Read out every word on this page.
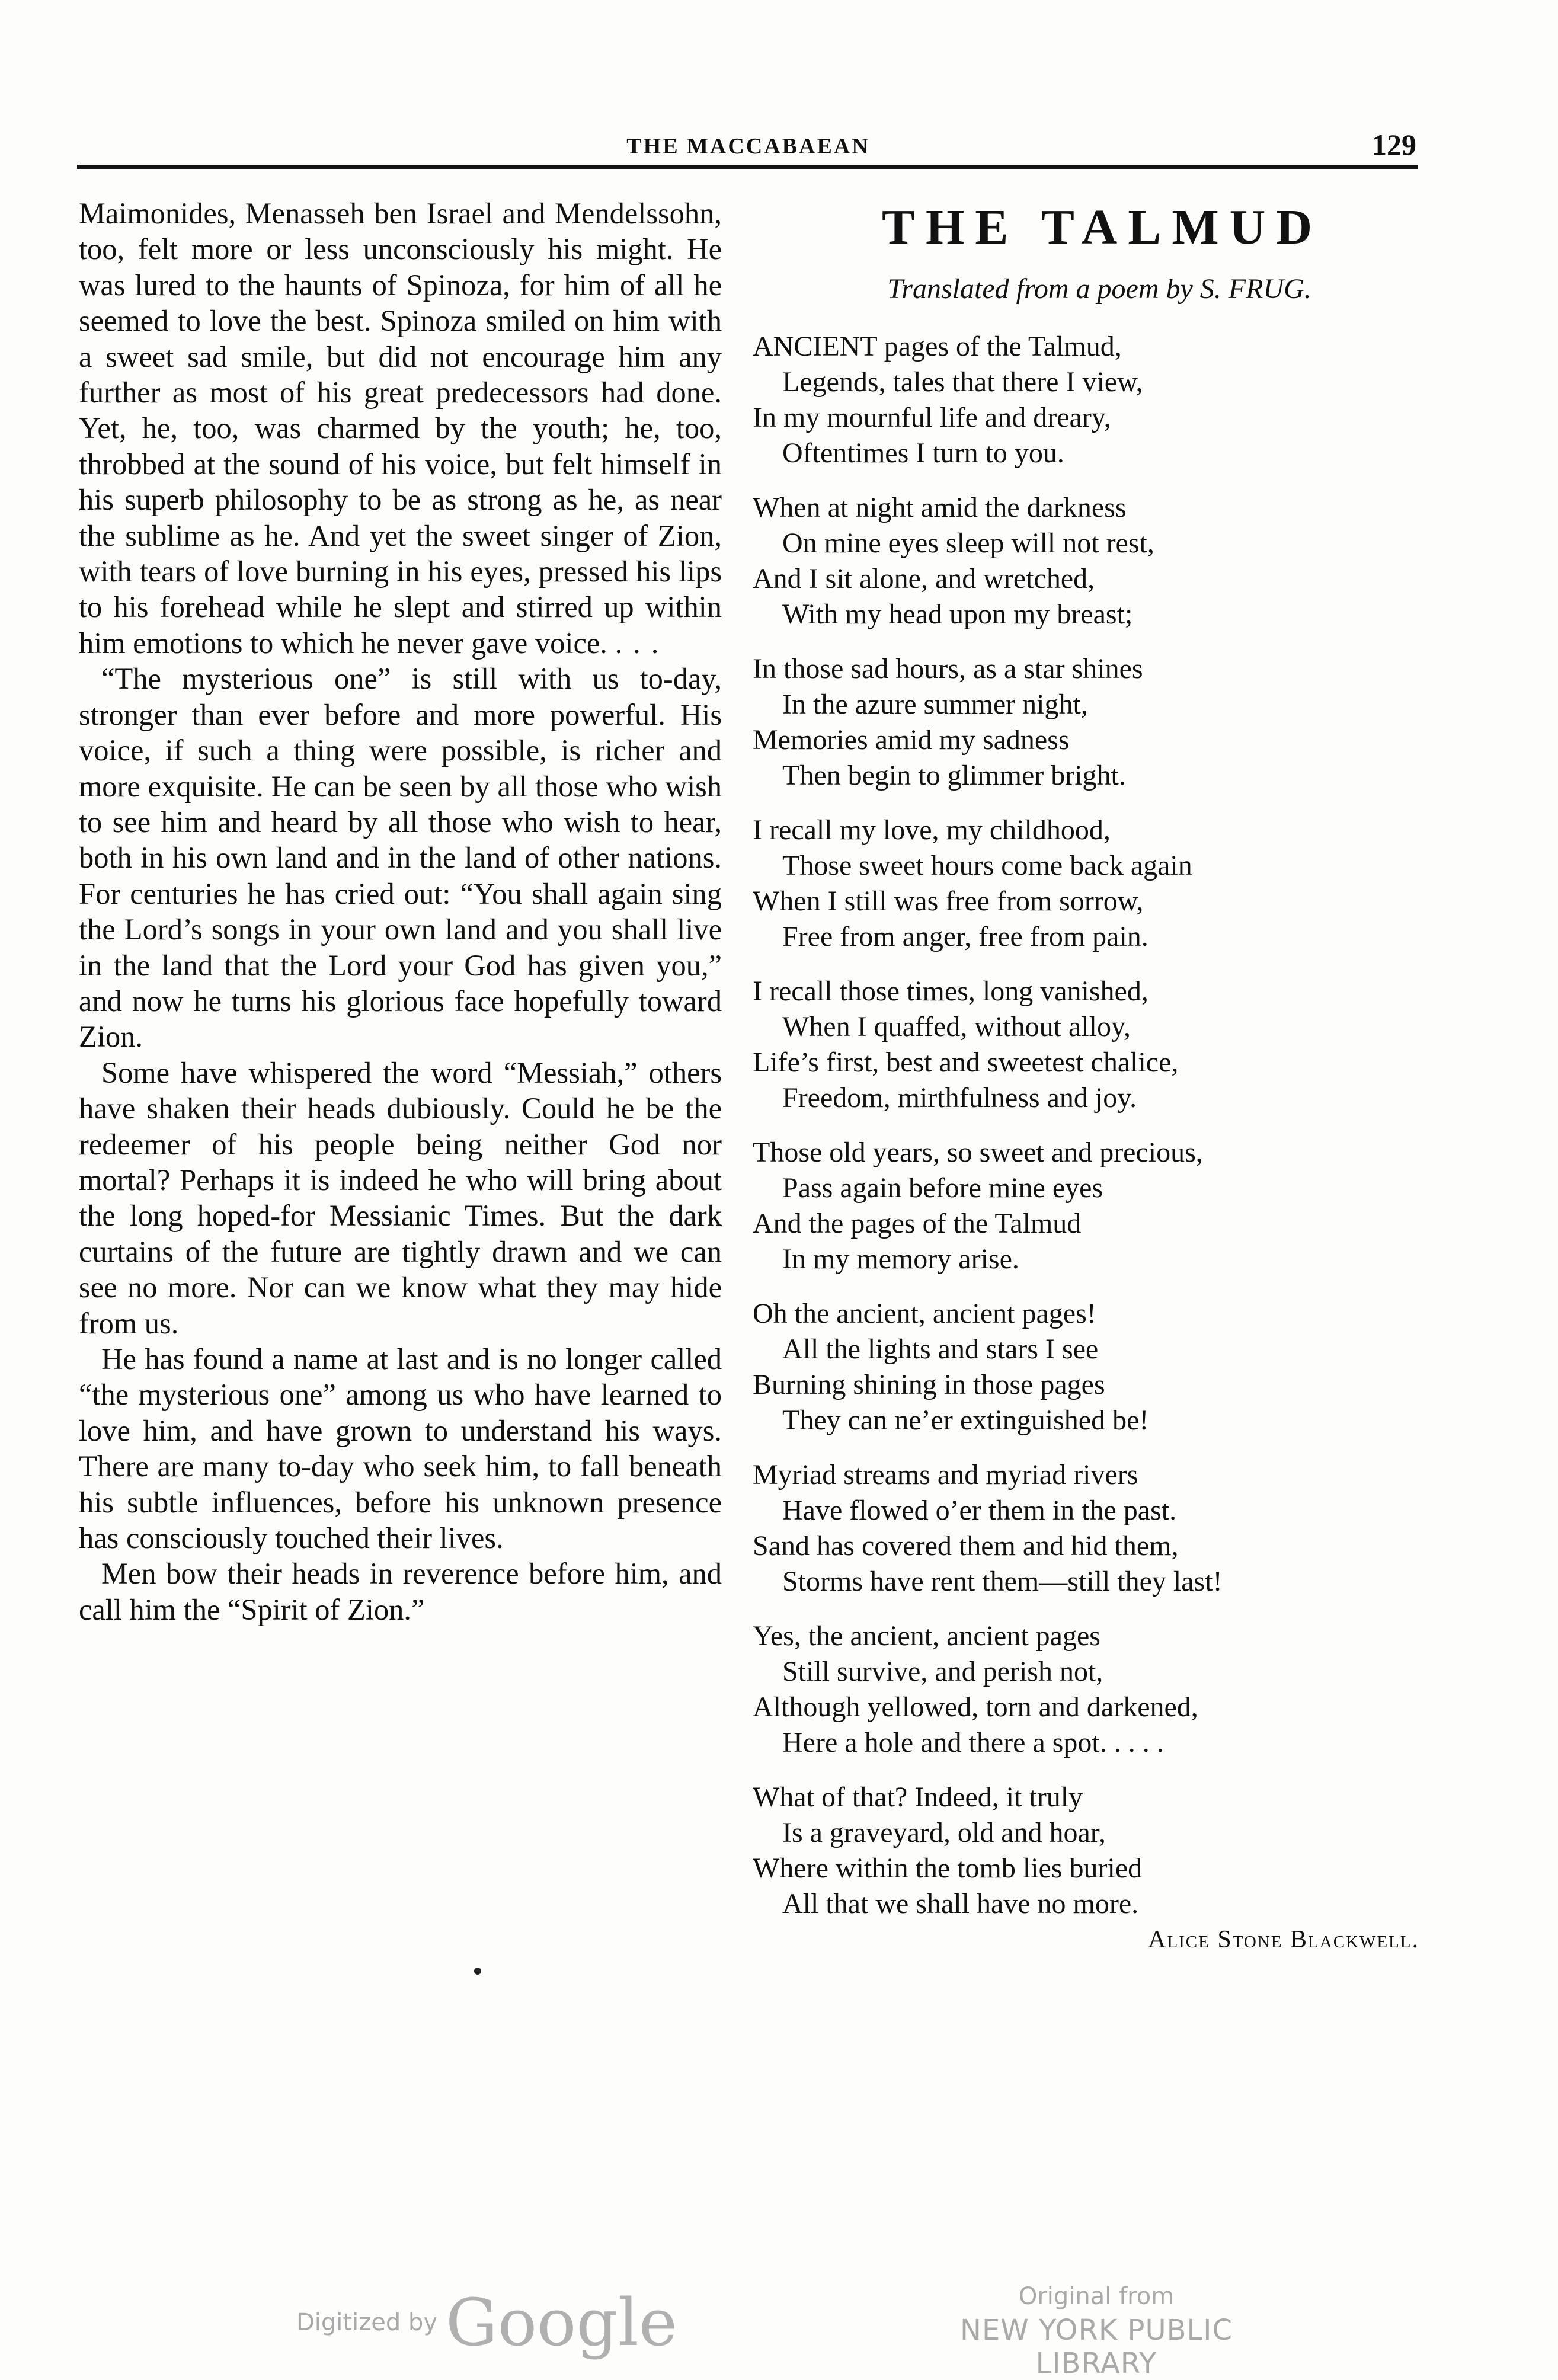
THE MACCABAEAN	129

Maimonides, Menasseh ben Israel and Mendelssohn, too, felt more or less unconsciously his might. He was lured to the haunts of Spinoza, for him of all he seemed to love the best. Spinoza smiled on him with a sweet sad smile, but did not encourage him any further as most of his great predecessors had done. Yet, he, too, was charmed by the youth; he, too, throbbed at the sound of his voice, but felt himself in his superb philosophy to be as strong as he, as near the sublime as he. And yet the sweet singer of Zion, with tears of love burning in his eyes, pressed his lips to his forehead while he slept and stirred up within him emotions to which he never gave voice. ...

“The mysterious one” is still with us to-day, stronger than ever before and more powerful. His voice, if such a thing were possible, is richer and more exquisite. He can be seen by all those who wish to see him and heard by all those who wish to hear, both in his own land and in the land of other nations. For centuries he has cried out: “You shall again sing the Lord’s songs in your own land and you shall live in the land that the Lord your God has given you,” and now he turns his glorious face hopefully toward Zion.

Some have whispered the word “Messiah,” others have shaken their heads dubiously. Could he be the redeemer of his people being neither God nor mortal? Perhaps it is indeed he who will bring about the long hoped-for Messianic Times. But the dark curtains of the future are tightly drawn and we can see no more. Nor can we know what they may hide from us.

He has found a name at last and is no longer called “the mysterious one” among us who have learned to love him, and have grown to understand his ways. There are many to-day who seek him, to fall beneath his subtle influences, before his unknown presence has consciously touched their lives.

Men bow their heads in reverence before him, and call him the “Spirit of Zion.”

THE TALMUD
Translated from a poem by S. FRUG.
ANCIENT pages of the Talmud,
Legends, tales that there I view,
In my mournful life and dreary,
Oftentimes I turn to you.
When at night amid the darkness
On mine eyes sleep will not rest,
And I sit alone, and wretched,
With my head upon my breast;
In those sad hours, as a star shines
In the azure summer night,
Memories amid my sadness
Then begin to glimmer bright.
I recall my love, my childhood,
Those sweet hours come back again
When I still was free from sorrow,
Free from anger, free from pain.
I recall those times, long vanished,
When I quaffed, without alloy,
Life’s first, best and sweetest chalice,
Freedom, mirthfulness and joy.
Those old years, so sweet and precious,
Pass again before mine eyes
And the pages of the Talmud
In my memory arise.
Oh the ancient, ancient pages!
All the lights and stars I see
Burning shining in those pages
They can ne’er extinguished be!
Myriad streams and myriad rivers
Have flowed o’er them in the past.
Sand has covered them and hid them,
Storms have rent them—still they last!
Yes, the ancient, ancient pages
Still survive, and perish not,
Although yellowed, torn and darkened,
Here a hole and there a spot. . . . .
What of that? Indeed, it truly
Is a graveyard, old and hoar,
Where within the tomb lies buried
All that we shall have no more.
Alice Stone Blackwell.
Digitized by Google	Original from
NEW YORK PUBLIC LIBRARY
